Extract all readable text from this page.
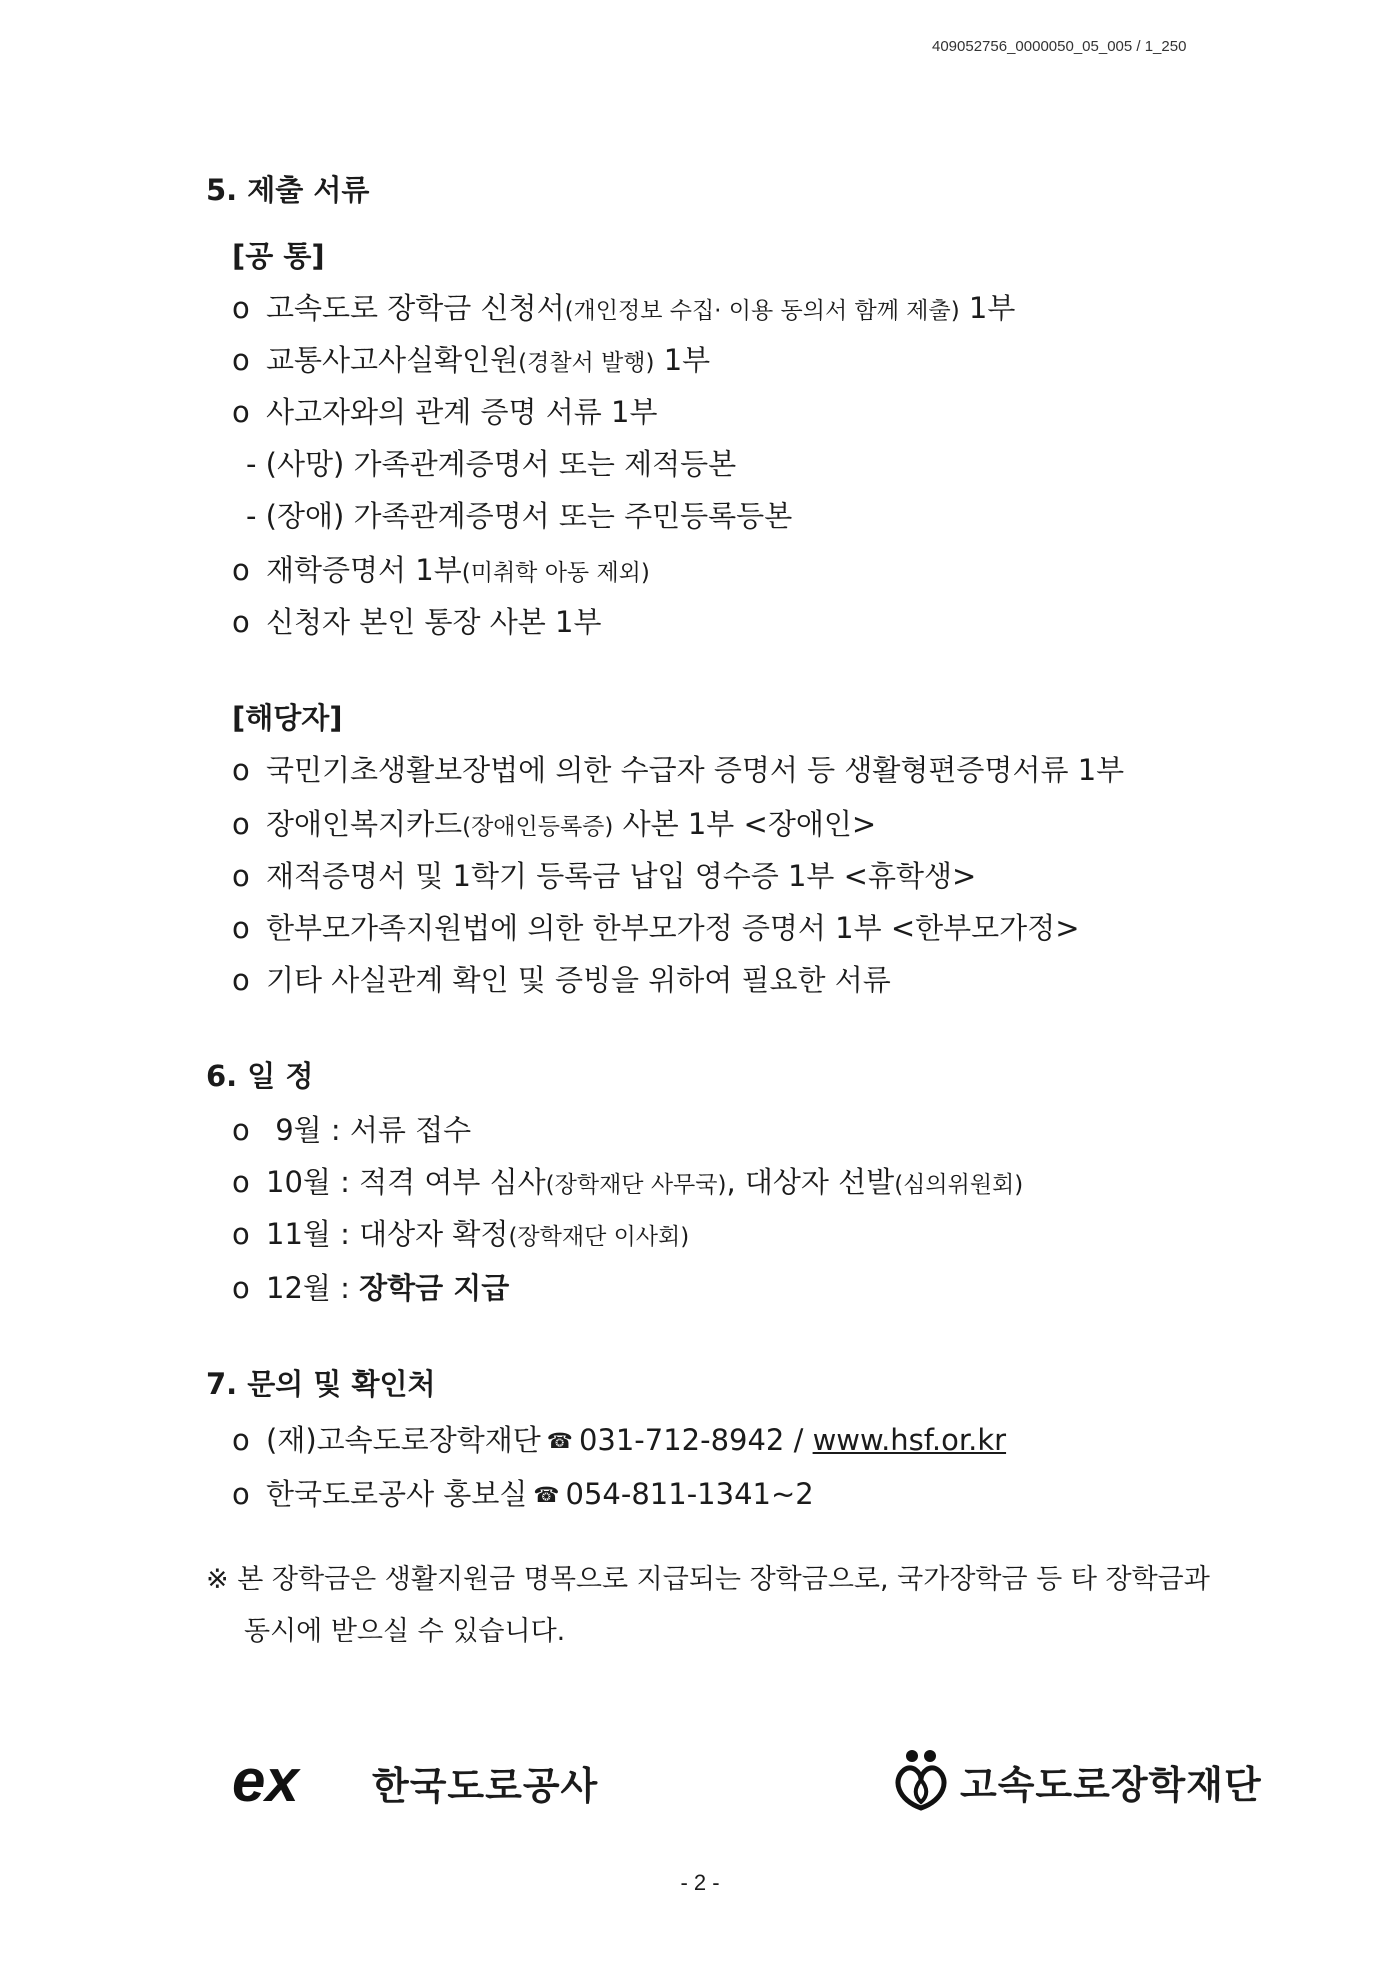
409052756_0000050_05_005 / 1_250
5. 제출 서류
[공 통]
o 고속도로 장학금 신청서(개인정보 수집· 이용 동의서 함께 제출) 1부
o 교통사고사실확인원(경찰서 발행) 1부
o 사고자와의 관계 증명 서류 1부
- (사망) 가족관계증명서 또는 제적등본
- (장애) 가족관계증명서 또는 주민등록등본
o 재학증명서 1부(미취학 아동 제외)
o 신청자 본인 통장 사본 1부
[해당자]
o 국민기초생활보장법에 의한 수급자 증명서 등 생활형편증명서류 1부
o 장애인복지카드(장애인등록증) 사본 1부 <장애인>
o 재적증명서 및 1학기 등록금 납입 영수증 1부 <휴학생>
o 한부모가족지원법에 의한 한부모가정 증명서 1부 <한부모가정>
o 기타 사실관계 확인 및 증빙을 위하여 필요한 서류
6. 일 정
o 9월 : 서류 접수
o 10월 : 적격 여부 심사(장학재단 사무국), 대상자 선발(심의위원회)
o 11월 : 대상자 확정(장학재단 이사회)
o 12월 : 장학금 지급
7. 문의 및 확인처
o (재)고속도로장학재단 ☎ 031-712-8942 / www.hsf.or.kr
o 한국도로공사 홍보실 ☎ 054-811-1341~2
※ 본 장학금은 생활지원금 명목으로 지급되는 장학금으로, 국가장학금 등 타 장학금과
동시에 받으실 수 있습니다.
ex 한국도로공사	고속도로장학재단
- 2 -
